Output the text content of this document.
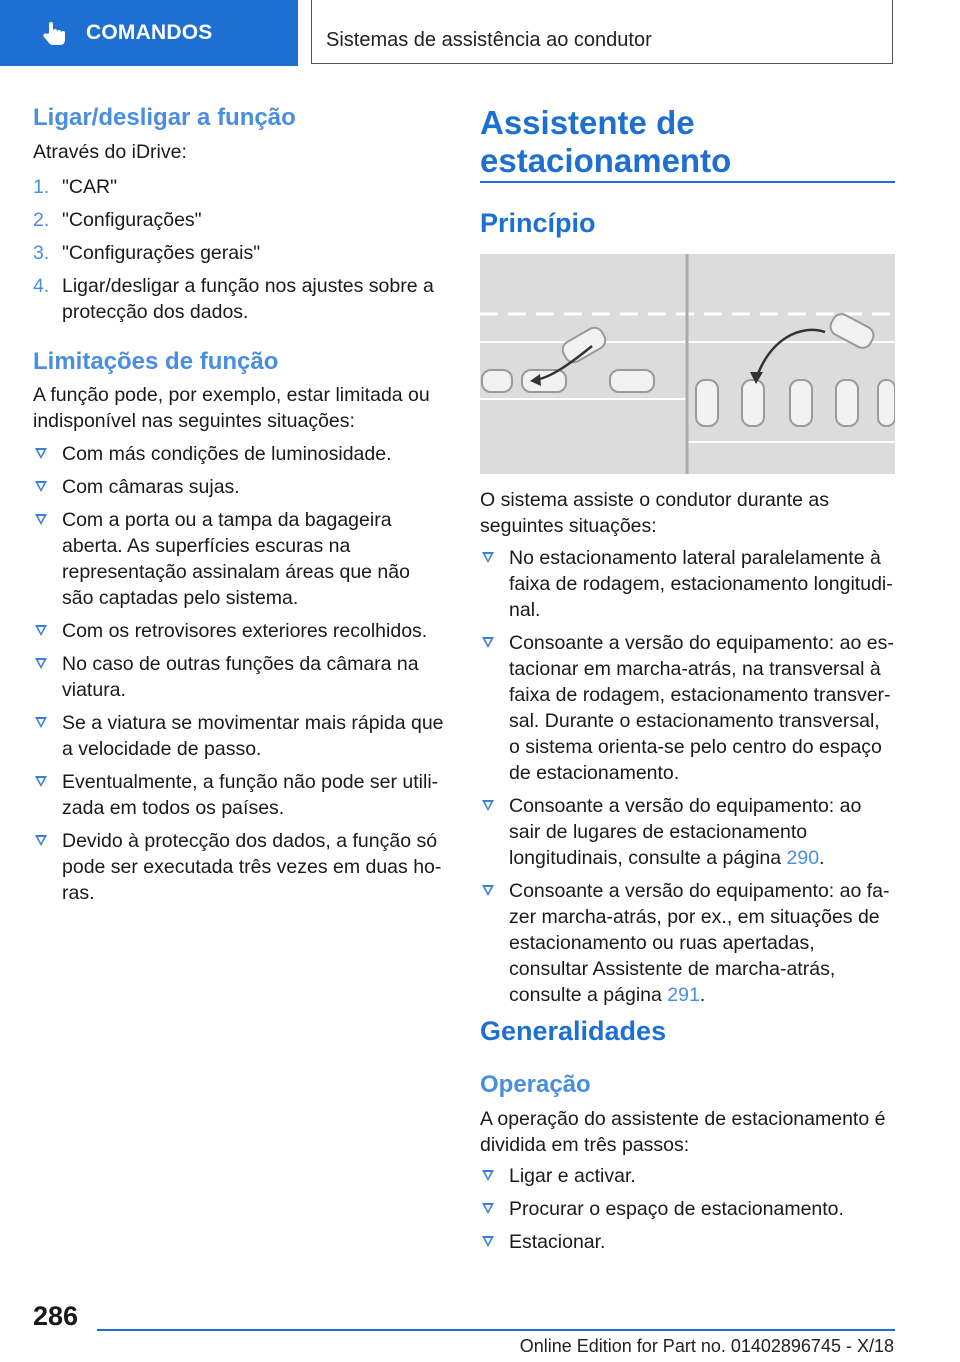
COMANDOS	Sistemas de assistência ao condutor
Ligar/desligar a função

Através do iDrive:

1. "CAR"
2. "Configurações"
3. "Configurações gerais"
4. Ligar/desligar a função nos ajustes sobre a protecção dos dados.
Limitações de função

A função pode, por exemplo, estar limitada ou indisponível nas seguintes situações:

Com más condições de luminosidade.
Com câmaras sujas.
Com a porta ou a tampa da bagageira aberta. As superfícies escuras na representação assinalam áreas que não são captadas pelo sistema.
Com os retrovisores exteriores recolhidos.
No caso de outras funções da câmara na viatura.
Se a viatura se movimentar mais rápida que a velocidade de passo.
Eventualmente, a função não pode ser utilizada em todos os países.
Devido à protecção dos dados, a função só pode ser executada três vezes em duas horas.
Assistente de
estacionamento
Princípio

O sistema assiste o condutor durante as seguintes situações:

No estacionamento lateral paralelamente à faixa de rodagem, estacionamento longitudinal.
Consoante a versão do equipamento: ao estacionar em marcha-atrás, na transversal à faixa de rodagem, estacionamento transversal. Durante o estacionamento transversal, o sistema orienta-se pelo centro do espaço de estacionamento.
Consoante a versão do equipamento: ao sair de lugares de estacionamento longitudinais, consulte a página 290.
Consoante a versão do equipamento: ao fazer marcha-atrás, por ex., em situações de estacionamento ou ruas apertadas, consultar Assistente de marcha-atrás, consulte a página 291.
Generalidades
Operação

A operação do assistente de estacionamento é dividida em três passos:

Ligar e activar.
Procurar o espaço de estacionamento.
Estacionar.
286
Online Edition for Part no. 01402896745 - X/18
